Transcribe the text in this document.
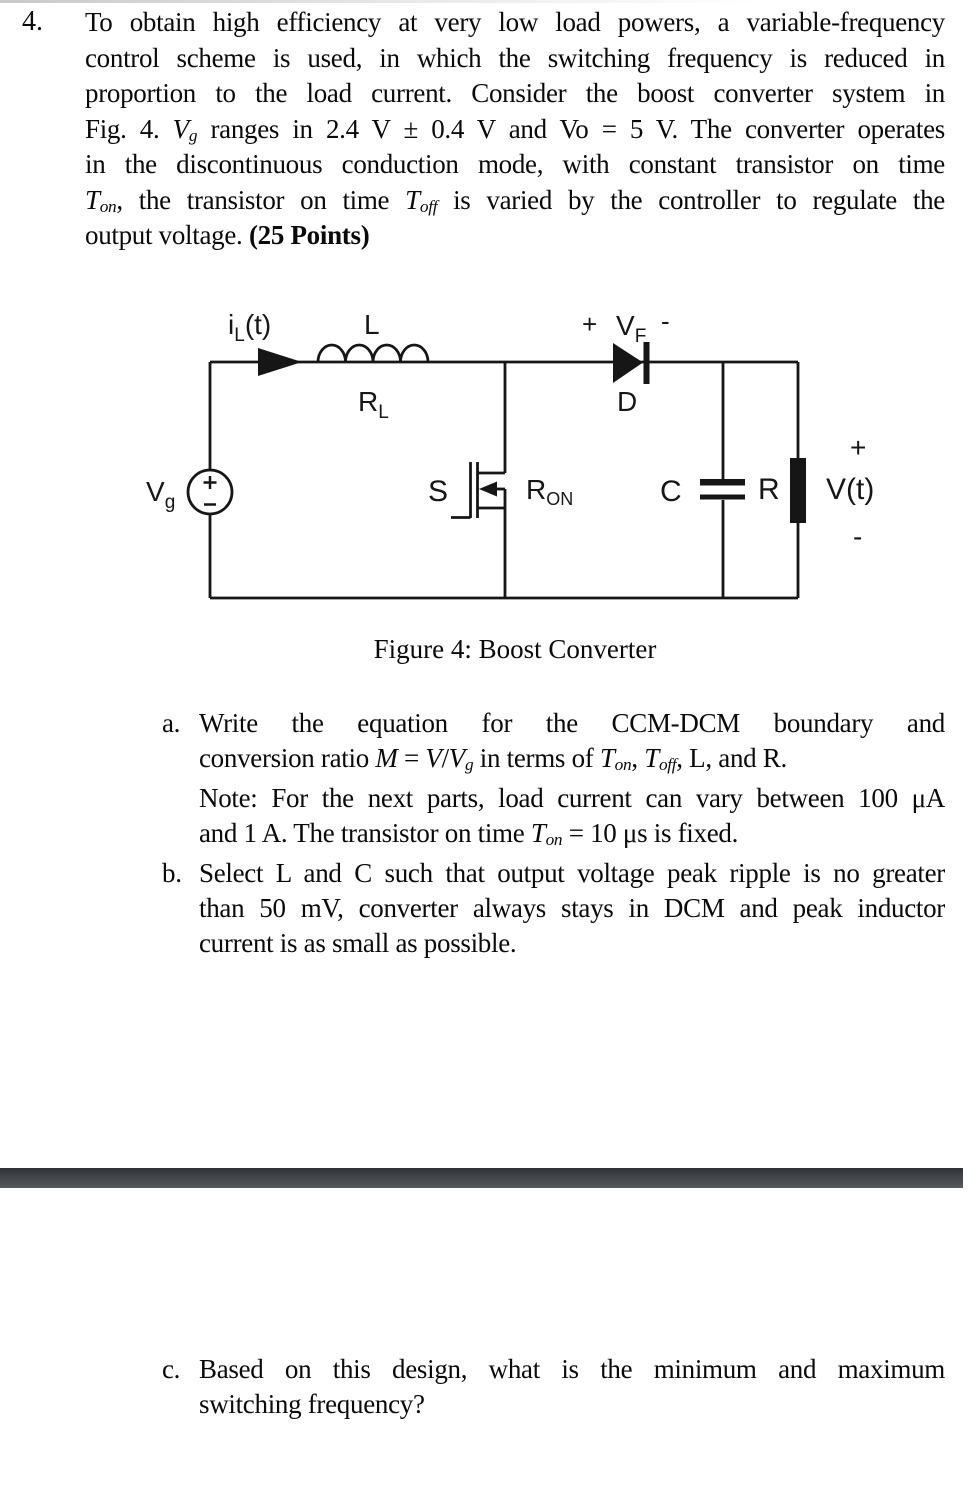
4. To obtain high efficiency at very low load powers, a variable-frequency
control scheme is used, in which the switching frequency is reduced in
proportion to the load current. Consider the boost converter system in
Fig. 4. $V_g$ ranges in 2.4 V ± 0.4 V and Vo = 5 V. The converter operates
in the discontinuous conduction mode, with constant transistor on time
$T_{on}$, the transistor on time $T_{off}$ is varied by the controller to regulate the
output voltage. (25 Points)
$i_L(t)$	L
$R_L$
+ $V_F$
-
D
$V_g$	S	$R_{ON}$	C	R V(t)
+
-
Figure 4: Boost Converter
a. Write the equation for the CCM-DCM boundary and
conversion ratio $M = V/V_g$ in terms of $T_{on}$, $T_{off}$, L, and R.
Note: For the next parts, load current can vary between 100 μA
and 1 A. The transistor on time $T_{on} = 10$ μs is fixed.
b. Select L and C such that output voltage peak ripple is no greater
than 50 mV, converter always stays in DCM and peak inductor
current is as small as possible.
c. Based on this design, what is the minimum and maximum
switching frequency?
